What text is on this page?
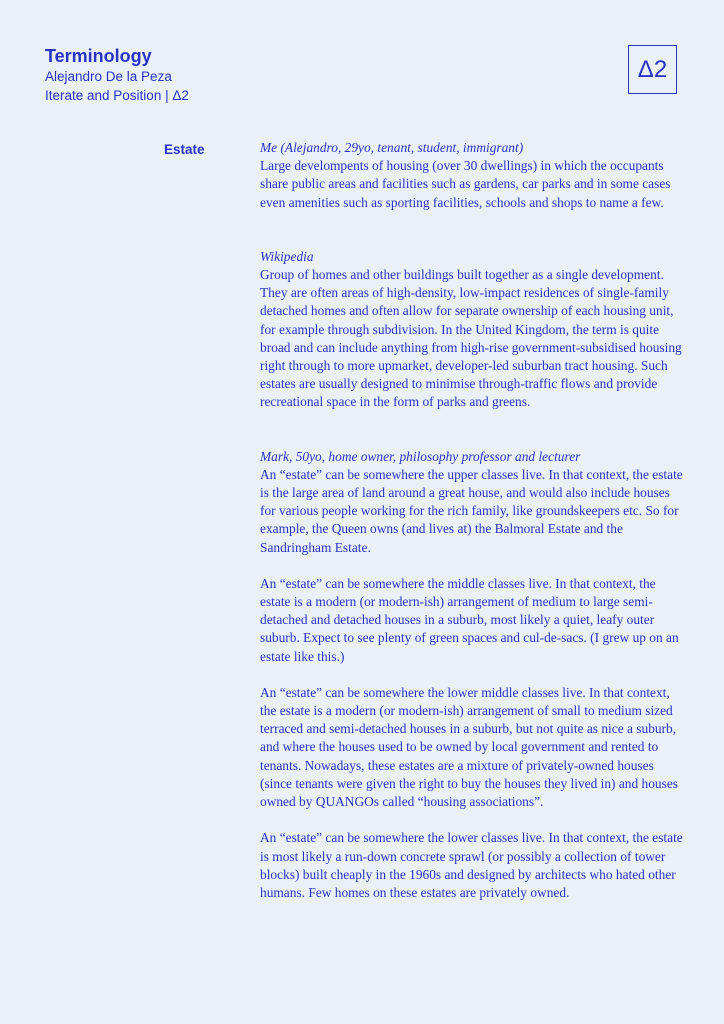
Terminology
Alejandro De la Peza
Iterate and Position | Δ2
Δ2
Estate	Me (Alejandro, 29yo, tenant, student, immigrant)

Large develompents of housing (over 30 dwellings) in which the occupants share public areas and facilities such as gardens, car parks and in some cases even amenities such as sporting facilities, schools and shops to name a few.

Wikipedia

Group of homes and other buildings built together as a single development. They are often areas of high-density, low-impact residences of single-family detached homes and often allow for separate ownership of each housing unit, for example through subdivision. In the United Kingdom, the term is quite broad and can include anything from high-rise government-subsidised housing right through to more upmarket, developer-led suburban tract housing. Such estates are usually designed to minimise through-traffic flows and provide recreational space in the form of parks and greens.

Mark, 50yo, home owner, philosophy professor and lecturer

An “estate” can be somewhere the upper classes live. In that context, the estate is the large area of land around a great house, and would also include houses for various people working for the rich family, like groundskeepers etc. So for example, the Queen owns (and lives at) the Balmoral Estate and the Sandringham Estate.

An “estate” can be somewhere the middle classes live. In that context, the estate is a modern (or modern-ish) arrangement of medium to large semi-detached and detached houses in a suburb, most likely a quiet, leafy outer suburb. Expect to see plenty of green spaces and cul-de-sacs. (I grew up on an estate like this.)

An “estate” can be somewhere the lower middle classes live. In that context, the estate is a modern (or modern-ish) arrangement of small to medium sized terraced and semi-detached houses in a suburb, but not quite as nice a suburb, and where the houses used to be owned by local government and rented to tenants. Nowadays, these estates are a mixture of privately-owned houses (since tenants were given the right to buy the houses they lived in) and houses owned by QUANGOs called “housing associations”.

An “estate” can be somewhere the lower classes live. In that context, the estate is most likely a run-down concrete sprawl (or possibly a collection of tower blocks) built cheaply in the 1960s and designed by architects who hated other humans. Few homes on these estates are privately owned.
